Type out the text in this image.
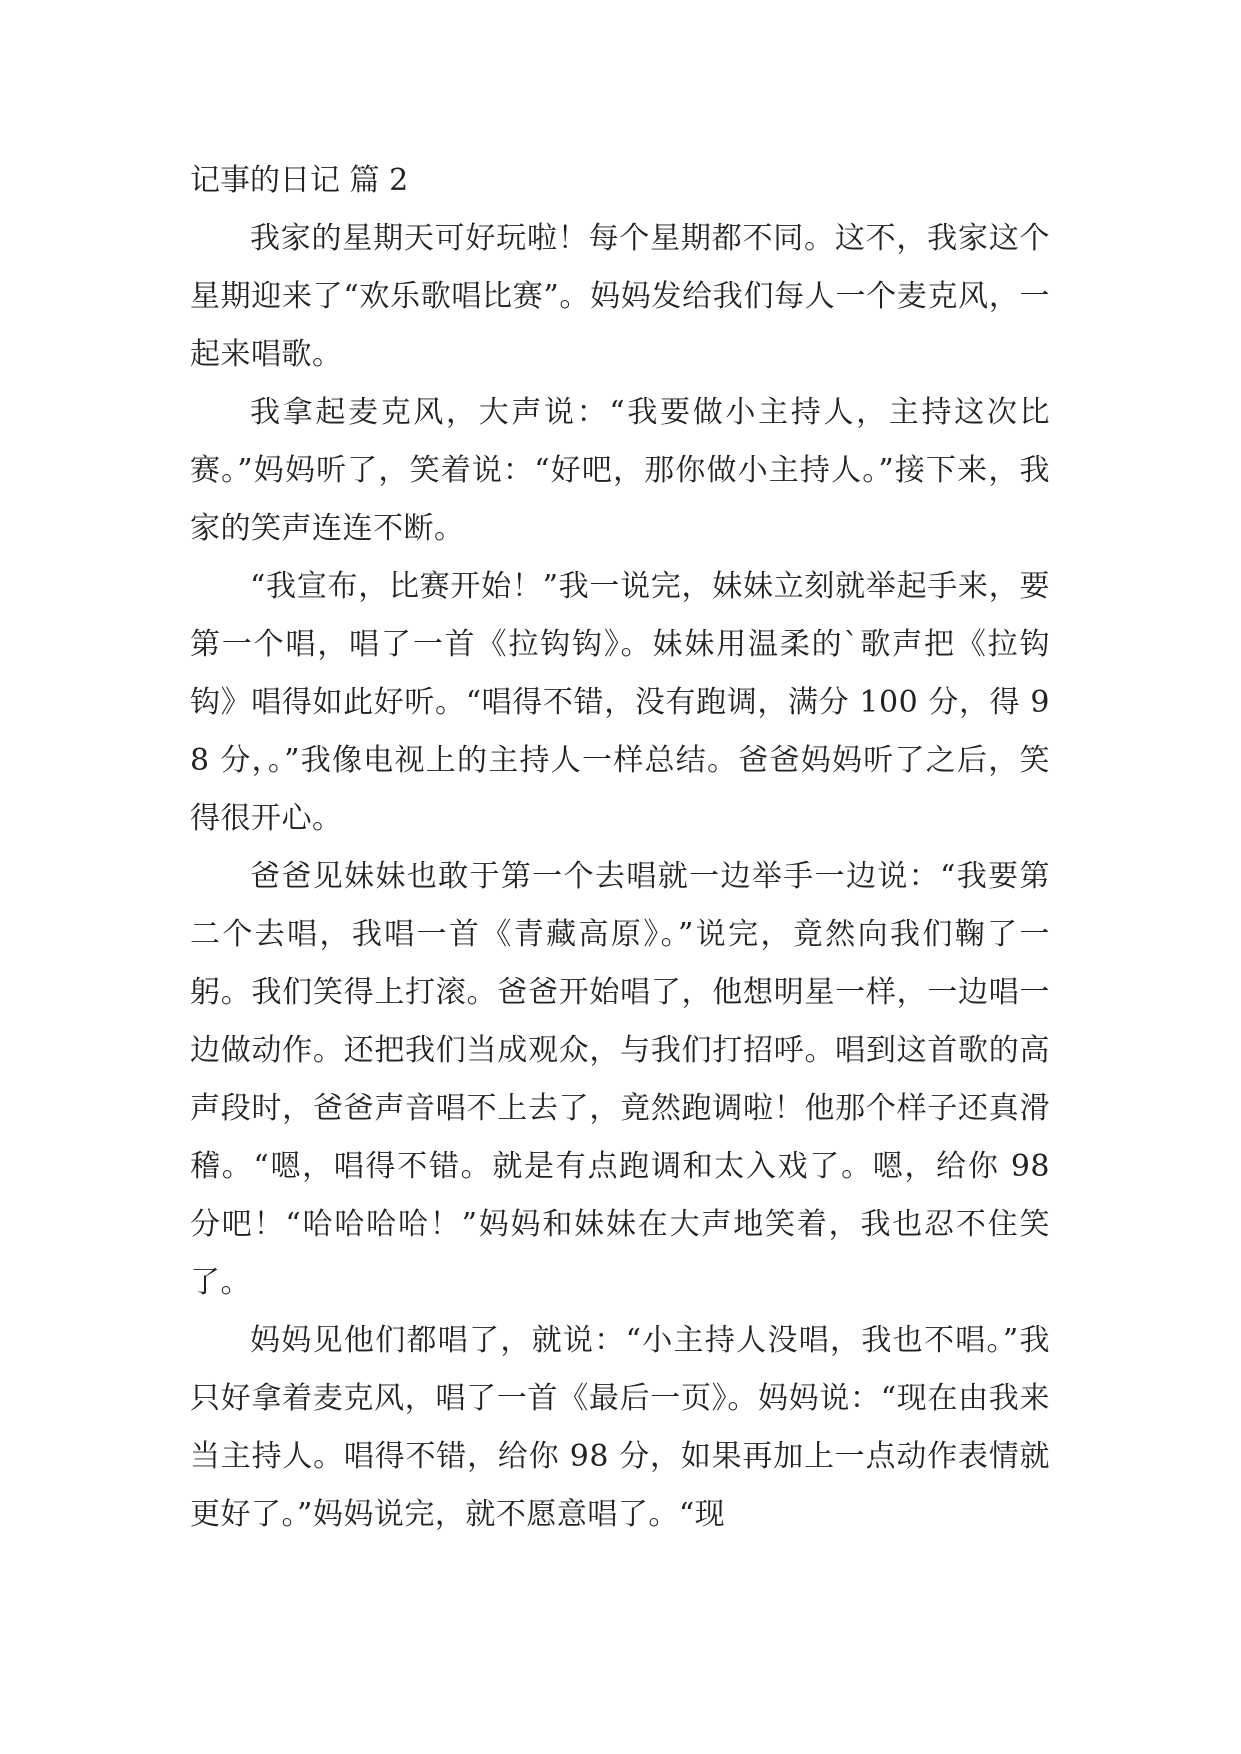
记事的日记 篇 2

我家的星期天可好玩啦！每个星期都不同。这不，我家这个星期迎来了“欢乐歌唱比赛”。妈妈发给我们每人一个麦克风，一起来唱歌。

我拿起麦克风，大声说：“我要做小主持人，主持这次比赛。”妈妈听了，笑着说：“好吧，那你做小主持人。”接下来，我家的笑声连连不断。

“我宣布，比赛开始！”我一说完，妹妹立刻就举起手来，要第一个唱，唱了一首《拉钩钩》。妹妹用温柔的`歌声把《拉钩钩》唱得如此好听。“唱得不错，没有跑调，满分 100 分，得 98 分，。”我像电视上的主持人一样总结。爸爸妈妈听了之后，笑得很开心。

爸爸见妹妹也敢于第一个去唱就一边举手一边说：“我要第二个去唱，我唱一首《青藏高原》。”说完，竟然向我们鞠了一躬。我们笑得上打滚。爸爸开始唱了，他想明星一样，一边唱一边做动作。还把我们当成观众，与我们打招呼。唱到这首歌的高声段时，爸爸声音唱不上去了，竟然跑调啦！他那个样子还真滑稽。“嗯，唱得不错。就是有点跑调和太入戏了。嗯，给你 98 分吧！“哈哈哈哈！”妈妈和妹妹在大声地笑着，我也忍不住笑了。

妈妈见他们都唱了，就说：“小主持人没唱，我也不唱。”我只好拿着麦克风，唱了一首《最后一页》。妈妈说：“现在由我来当主持人。唱得不错，给你 98 分，如果再加上一点动作表情就更好了。”妈妈说完，就不愿意唱了。“现
